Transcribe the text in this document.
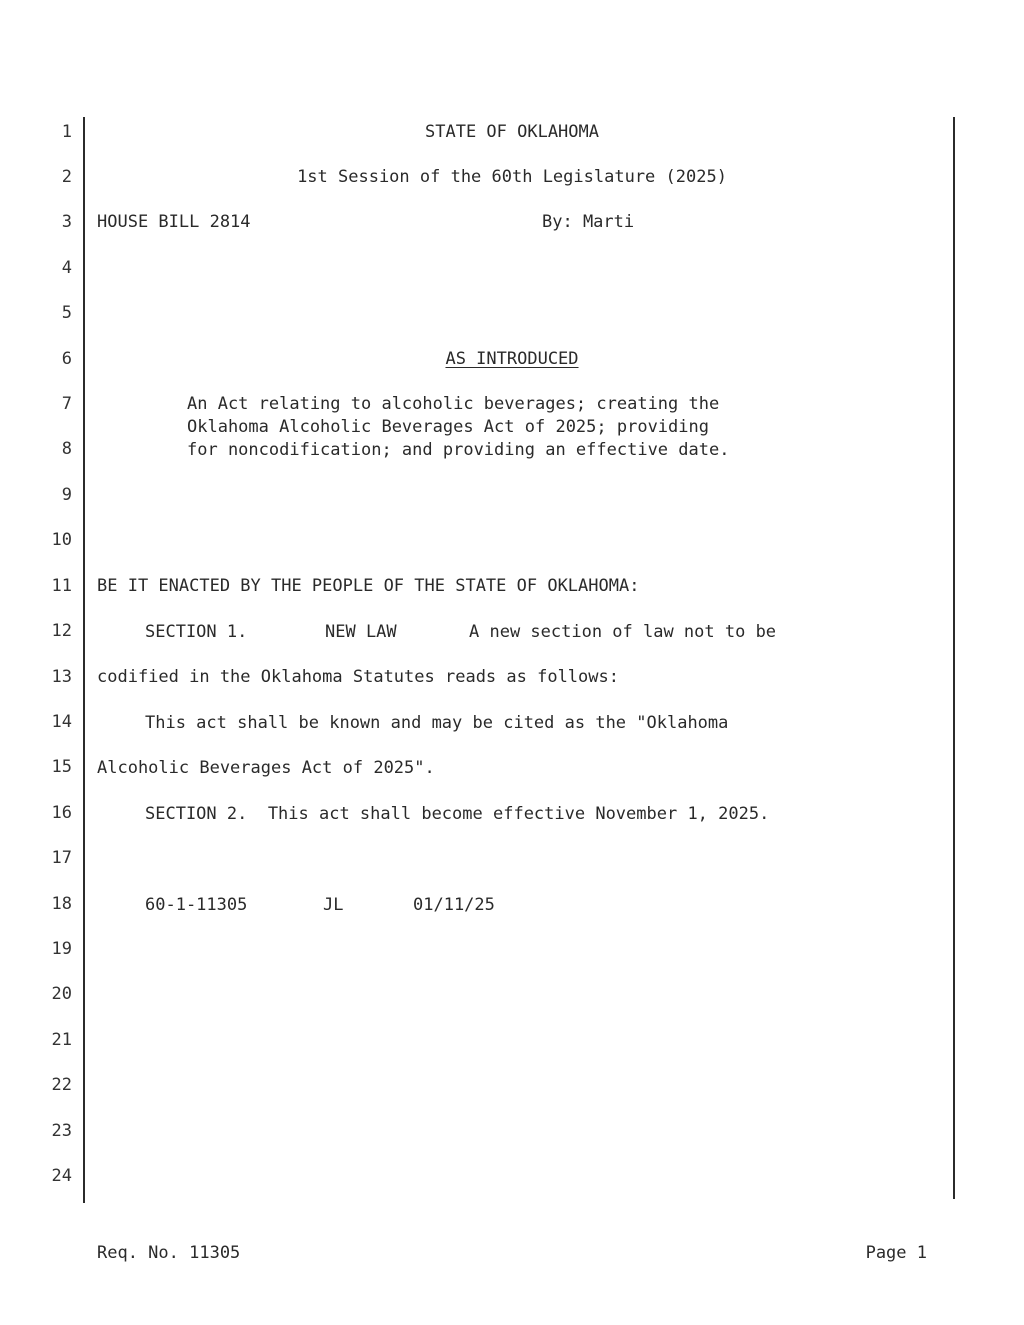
1
2
3
4
5
6
7
8
9
10
11
12
13
14
15
16
17
18
19
20
21
22
23
24
STATE OF OKLAHOMA
1st Session of the 60th Legislature (2025)
HOUSE BILL 2814	By: Marti
AS INTRODUCED
An Act relating to alcoholic beverages; creating the
Oklahoma Alcoholic Beverages Act of 2025; providing
for noncodification; and providing an effective date.
BE IT ENACTED BY THE PEOPLE OF THE STATE OF OKLAHOMA:
SECTION 1.	NEW LAW	A new section of law not to be
codified in the Oklahoma Statutes reads as follows:
This act shall be known and may be cited as the "Oklahoma
Alcoholic Beverages Act of 2025".
SECTION 2.  This act shall become effective November 1, 2025.
60-1-11305	JL	01/11/25
Req. No. 11305	Page 1
